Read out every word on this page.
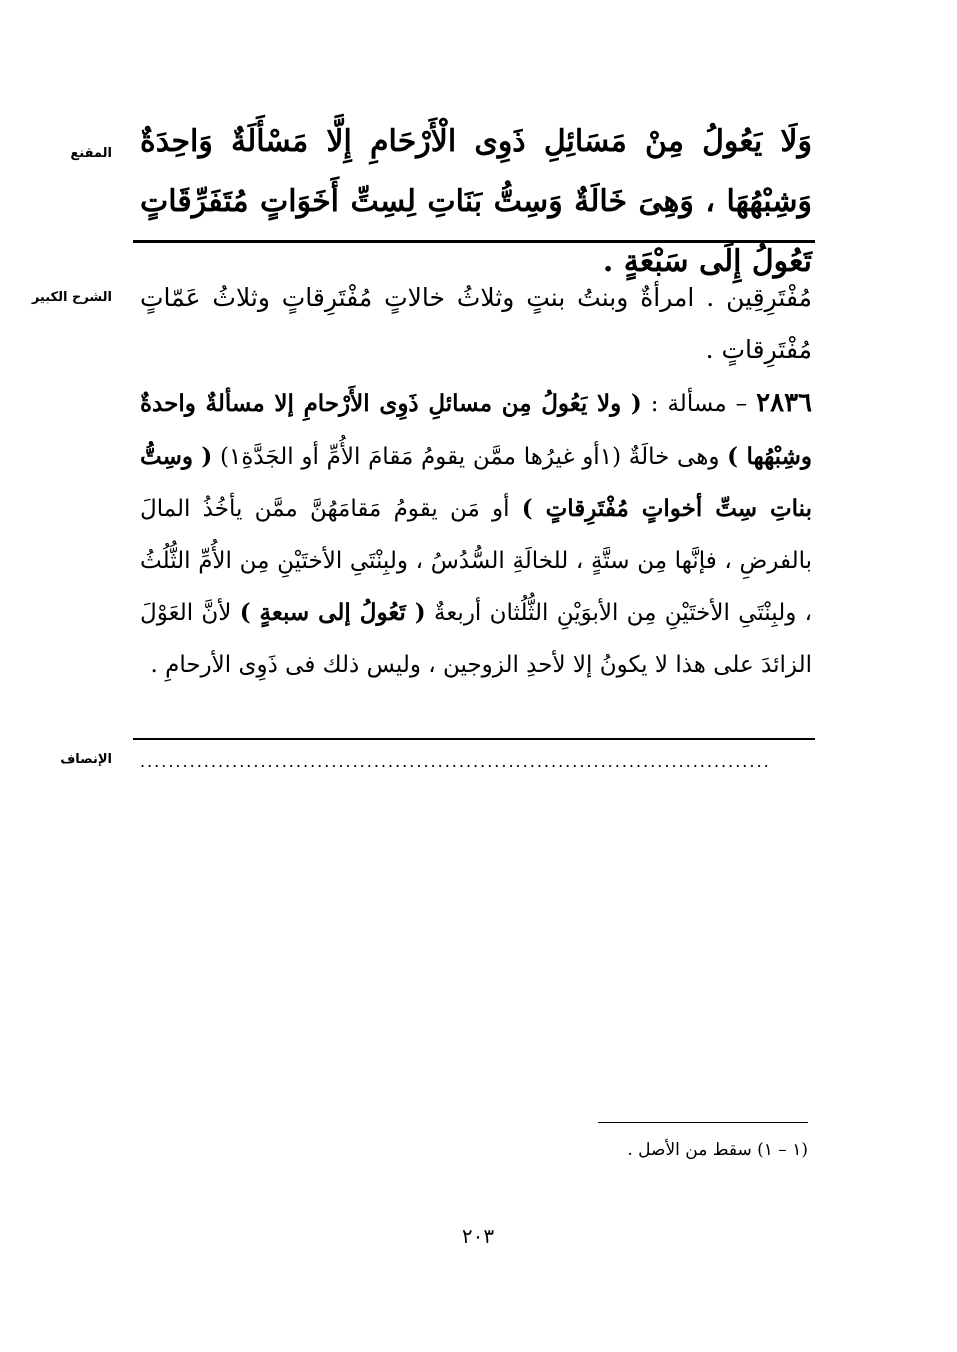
المقنع وَلَا يَعُولُ مِنْ مَسَائِلِ ذَوِى الْأَرْحَامِ إِلَّا مَسْأَلَةٌ وَاحِدَةٌ وَشِبْهُهَا ، وَهِىَ خَالَةٌ وَسِتُّ بَنَاتِ لِسِتِّ أَخَوَاتٍ مُتَفَرِّقَاتٍ تَعُولُ إِلَى سَبْعَةٍ .
الشرح الكبير مُفْتَرِقِين . امرأةٌ وبنتُ بنتٍ وثلاثُ خالاتٍ مُفْتَرِقاتٍ وثلاثُ عَمّاتٍ مُفْتَرِقاتٍ .
٢٨٣٦ – مسألة : ( ولا يَعُولُ مِن مسائلِ ذَوِى الأَرْحامِ إلا مسألةٌ واحدةٌ وشِبْهُها ) وهى خالَةٌ (١أو غيرُها ممَّن يقومُ مَقامَ الأُمِّ أو الجَدَّةِ١) ( وسِتُّ بناتِ سِتِّ أخواتٍ مُفْتَرِقاتٍ ) أو مَن يقومُ مَقامَهُنَّ ممَّن يأخُذُ المالَ بالفرضِ ، فإنَّها مِن ستَّةٍ ، للخالَةِ السُّدُسُ ، ولبِنْتَىِ الأختَيْنِ مِن الأُمِّ الثُّلُثُ ، ولبِنْتَىِ الأختَيْنِ مِن الأبوَيْنِ الثُّلُثان أربعةٌ ( تَعُولُ إلى سبعةٍ ) لأنَّ العَوْلَ الزائدَ على هذا لا يكونُ إلا لأحدِ الزوجين ، وليس ذلك فى ذَوِى الأرحامِ .
الإنصاف .........................................................................................
(١ – ١) سقط من الأصل .
٢٠٣
